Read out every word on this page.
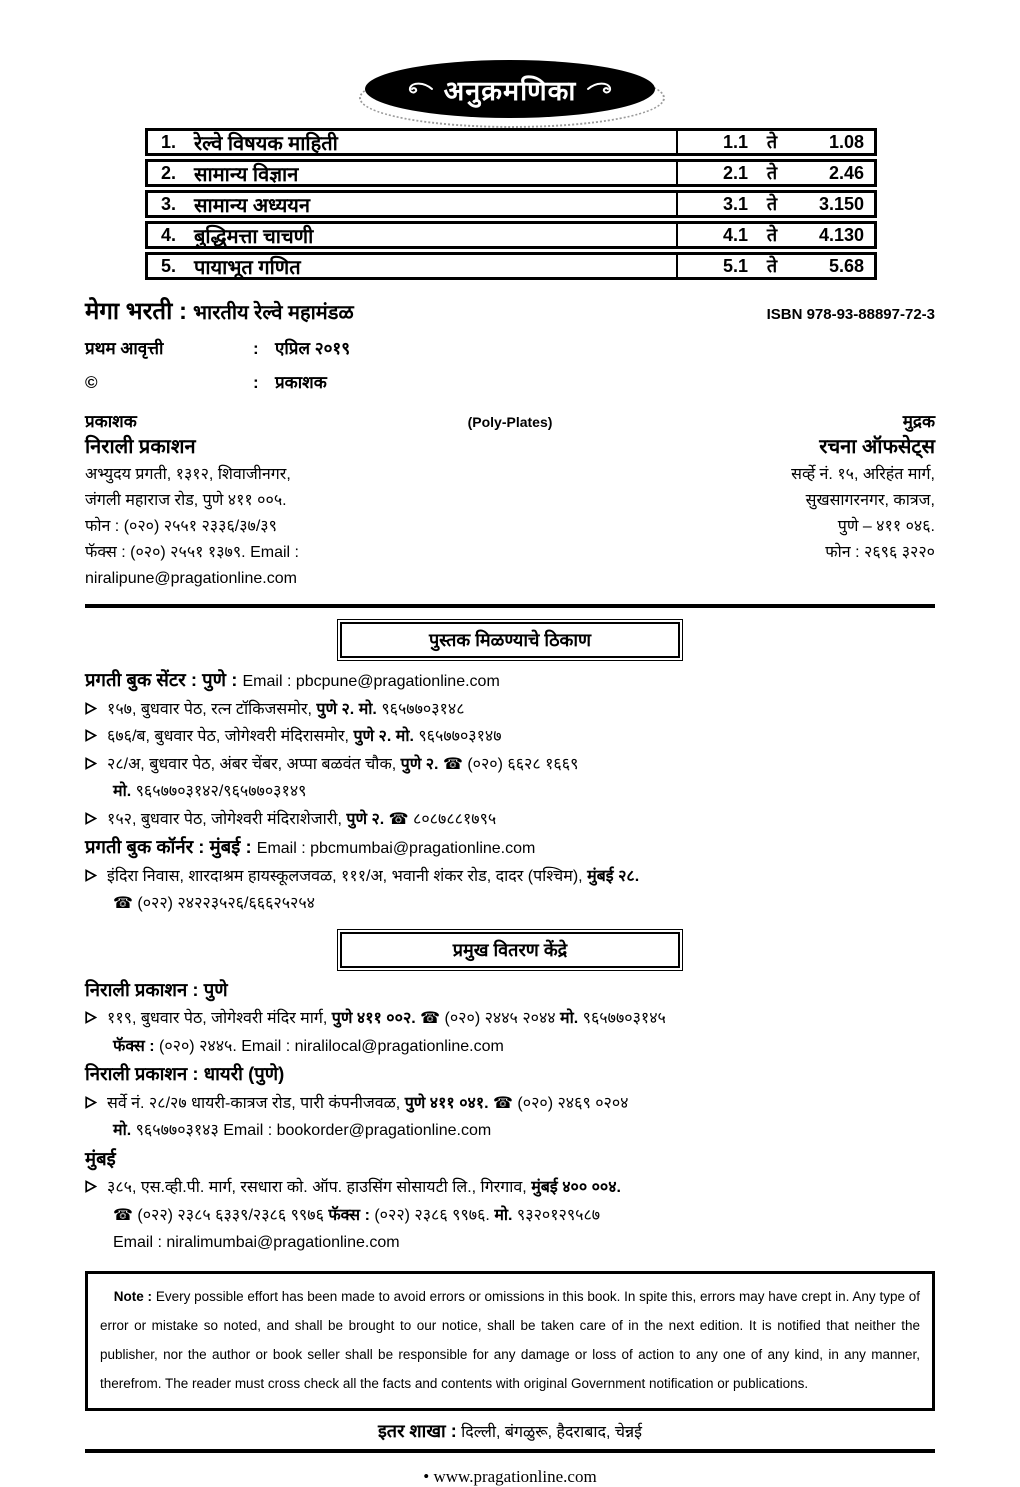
अनुक्रमणिका
1. रेल्वे विषयक माहिती	1.1	ते	1.08
2. सामान्य विज्ञान	2.1	ते	2.46
3. सामान्य अध्ययन	3.1	ते	3.150
4. बुद्धिमत्ता चाचणी	4.1	ते	4.130
5. पायाभूत गणित	5.1	ते	5.68
मेगा भरती : भारतीय रेल्वे महामंडळ	ISBN 978-93-88897-72-3
प्रथम आवृत्ती	: एप्रिल २०१९
©	: प्रकाशक
प्रकाशक	(Poly-Plates)	मुद्रक
निराली प्रकाशन	रचना ऑफसेट्स
अभ्युदय प्रगती, १३१२, शिवाजीनगर,	सर्व्हे नं. १५, अरिहंत मार्ग,
जंगली महाराज रोड, पुणे ४११ ००५.	सुखसागरनगर, कात्रज,
फोन : (०२०) २५५१ २३३६/३७/३९	पुणे – ४११ ०४६.
फॅक्स : (०२०) २५५१ १३७९. Email : niralipune@pragationline.com
फोन : २६९६ ३२२०
पुस्तक मिळण्याचे ठिकाण
प्रगती बुक सेंटर : पुणे : Email : pbcpune@pragationline.com
१५७, बुधवार पेठ, रत्न टॉकिजसमोर, पुणे २. मो. ९६५७७०३१४८
६७६/ब, बुधवार पेठ, जोगेश्वरी मंदिरासमोर, पुणे २. मो. ९६५७७०३१४७
२८/अ, बुधवार पेठ, अंबर चेंबर, अप्पा बळवंत चौक, पुणे २. ☎ (०२०) ६६२८ १६६९
मो. ९६५७७०३१४२/९६५७७०३१४९
१५२, बुधवार पेठ, जोगेश्वरी मंदिराशेजारी, पुणे २. ☎ ८०८७८८१७९५
प्रगती बुक कॉर्नर : मुंबई : Email : pbcmumbai@pragationline.com
इंदिरा निवास, शारदाश्रम हायस्कूलजवळ, १११/अ, भवानी शंकर रोड, दादर (पश्चिम), मुंबई २८.
☎ (०२२) २४२२३५२६/६६६२५२५४
प्रमुख वितरण केंद्रे
निराली प्रकाशन : पुणे
११९, बुधवार पेठ, जोगेश्वरी मंदिर मार्ग, पुणे ४११ ००२. ☎ (०२०) २४४५ २०४४ मो. ९६५७७०३१४५
फॅक्स : (०२०) २४४५. Email : niralilocal@pragationline.com
निराली प्रकाशन : धायरी (पुणे)
सर्वे नं. २८/२७ धायरी-कात्रज रोड, पारी कंपनीजवळ, पुणे ४११ ०४१. ☎ (०२०) २४६९ ०२०४
मो. ९६५७७०३१४३ Email : bookorder@pragationline.com
मुंबई
३८५, एस.व्ही.पी. मार्ग, रसधारा को. ऑप. हाउसिंग सोसायटी लि., गिरगाव, मुंबई ४०० ००४.
☎ (०२२) २३८५ ६३३९/२३८६ ९९७६ फॅक्स : (०२२) २३८६ ९९७६. मो. ९३२०१२९५८७
Email : niralimumbai@pragationline.com
Note : Every possible effort has been made to avoid errors or omissions in this book. In spite this, errors may have crept in. Any type of error or mistake so noted, and shall be brought to our notice, shall be taken care of in the next edition. It is notified that neither the publisher, nor the author or book seller shall be responsible for any damage or loss of action to any one of any kind, in any manner, therefrom. The reader must cross check all the facts and contents with original Government notification or publications.
इतर शाखा : दिल्ली, बंगळुरू, हैदराबाद, चेन्नई
• www.pragationline.com
